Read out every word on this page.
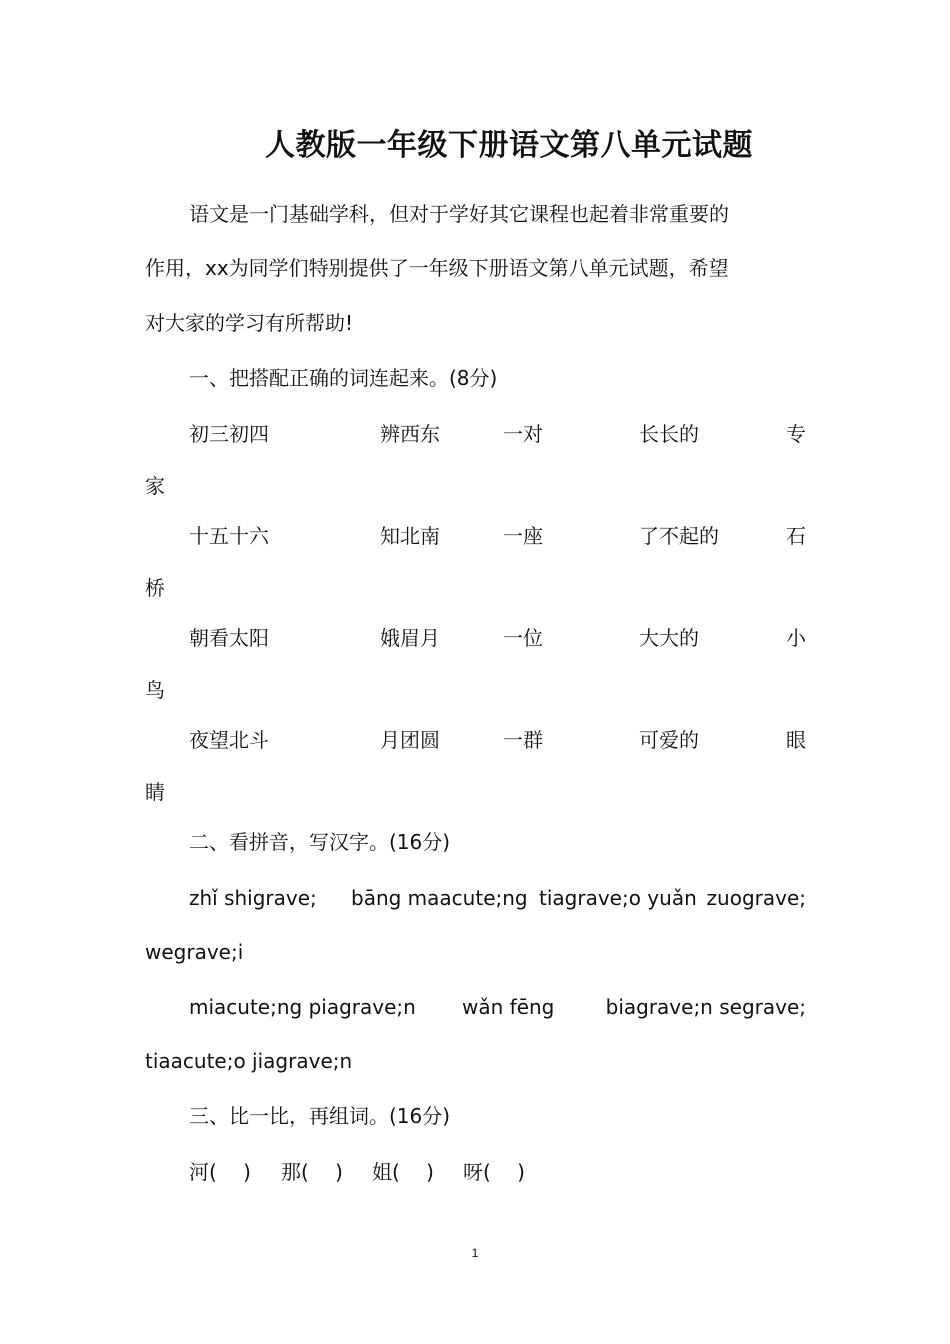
人教版一年级下册语文第八单元试题
语文是一门基础学科，但对于学好其它课程也起着非常重要的
作用，xx为同学们特别提供了一年级下册语文第八单元试题，希望
对大家的学习有所帮助!
一、把搭配正确的词连起来。(8分)
初三初四	辨西东	一对	长长的	专
家
十五十六	知北南	一座	了不起的	石
桥
朝看太阳	娥眉月	一位	大大的	小
鸟
夜望北斗	月团圆	一群	可爱的	眼
睛
二、看拼音，写汉字。(16分)
zhǐ shigrave; bāng maacute;ng tiagrave;o yuǎn zuograve;
wegrave;i
miacute;ng piagrave;n wǎn fēng	biagrave;n segrave;
tiaacute;o jiagrave;n
三、比一比，再组词。(16分)
河(　 ) 那(　 ) 姐(　 ) 呀(　 )
1
